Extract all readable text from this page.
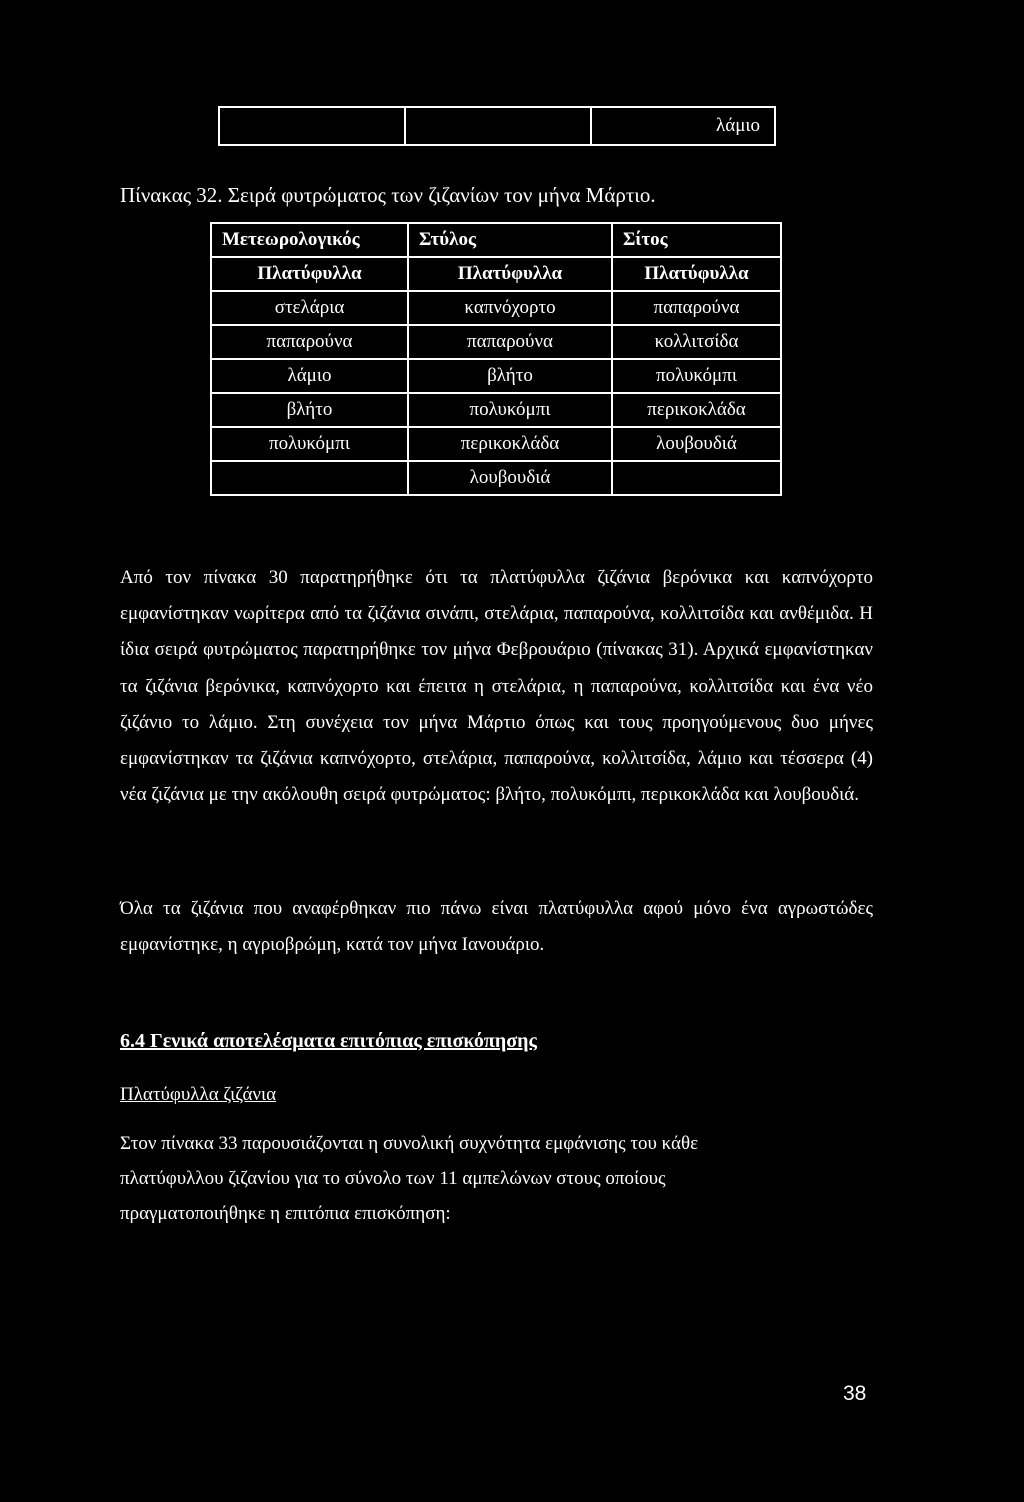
		λάμιο
Πίνακας 32. Σειρά φυτρώματος των ζιζανίων τον μήνα Μάρτιο.
Μετεωρολογικός	Στύλος	Σίτος
Πλατύφυλλα	Πλατύφυλλα	Πλατύφυλλα
στελάρια	καπνόχορτο	παπαρούνα
παπαρούνα	παπαρούνα	κολλιτσίδα
λάμιο	βλήτο	πολυκόμπι
βλήτο	πολυκόμπι	περικοκλάδα
πολυκόμπι	περικοκλάδα	λουβουδιά
	λουβουδιά	
Από τον πίνακα 30 παρατηρήθηκε ότι τα πλατύφυλλα ζιζάνια βερόνικα και καπνόχορτο εμφανίστηκαν νωρίτερα από τα ζιζάνια σινάπι, στελάρια, παπαρούνα, κολλιτσίδα και ανθέμιδα. Η ίδια σειρά φυτρώματος παρατηρήθηκε τον μήνα Φεβρουάριο (πίνακας 31). Αρχικά εμφανίστηκαν τα ζιζάνια βερόνικα, καπνόχορτο και έπειτα η στελάρια, η παπαρούνα, κολλιτσίδα και ένα νέο ζιζάνιο το λάμιο. Στη συνέχεια τον μήνα Μάρτιο όπως και τους προηγούμενους δυο μήνες εμφανίστηκαν τα ζιζάνια καπνόχορτο, στελάρια, παπαρούνα, κολλιτσίδα, λάμιο και τέσσερα (4) νέα ζιζάνια με την ακόλουθη σειρά φυτρώματος: βλήτο, πολυκόμπι, περικοκλάδα και λουβουδιά.
Όλα τα ζιζάνια που αναφέρθηκαν πιο πάνω είναι πλατύφυλλα αφού μόνο ένα αγρωστώδες εμφανίστηκε, η αγριοβρώμη, κατά τον μήνα Ιανουάριο.
6.4 Γενικά αποτελέσματα επιτόπιας επισκόπησης
Πλατύφυλλα ζιζάνια
Στον πίνακα 33 παρουσιάζονται η συνολική συχνότητα εμφάνισης του κάθε πλατύφυλλου ζιζανίου για το σύνολο των 11 αμπελώνων στους οποίους πραγματοποιήθηκε η επιτόπια επισκόπηση:
38
